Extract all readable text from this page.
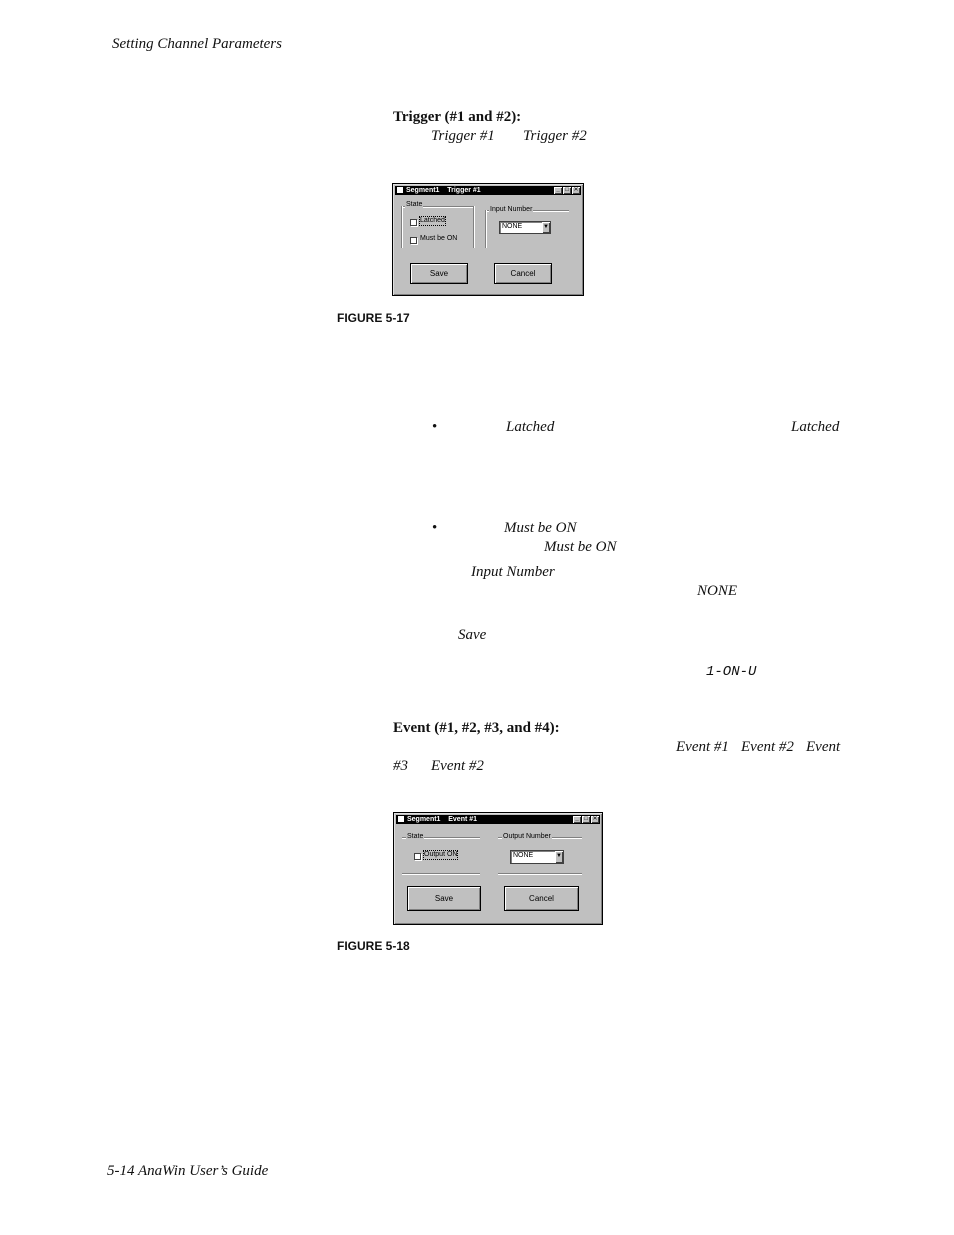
Setting Channel Parameters
Trigger (#1 and #2):
Trigger #1 Trigger #2
Segment1    Trigger #1	_ □ ✕
State
Latched
Must be ON
Input Number
NONE	▼
Save	Cancel
FIGURE 5-17
•	Latched	Latched
•	Must be ON
Must be ON
Input Number
NONE
Save
1-ON-U
Event (#1, #2, #3, and #4):
Event #1 Event #2 Event
#3 Event #2
Segment1    Event #1	_ □ ✕
State
Output ON
Output Number
NONE	▼
Save	Cancel
FIGURE 5-18
5-14 AnaWin User’s Guide
